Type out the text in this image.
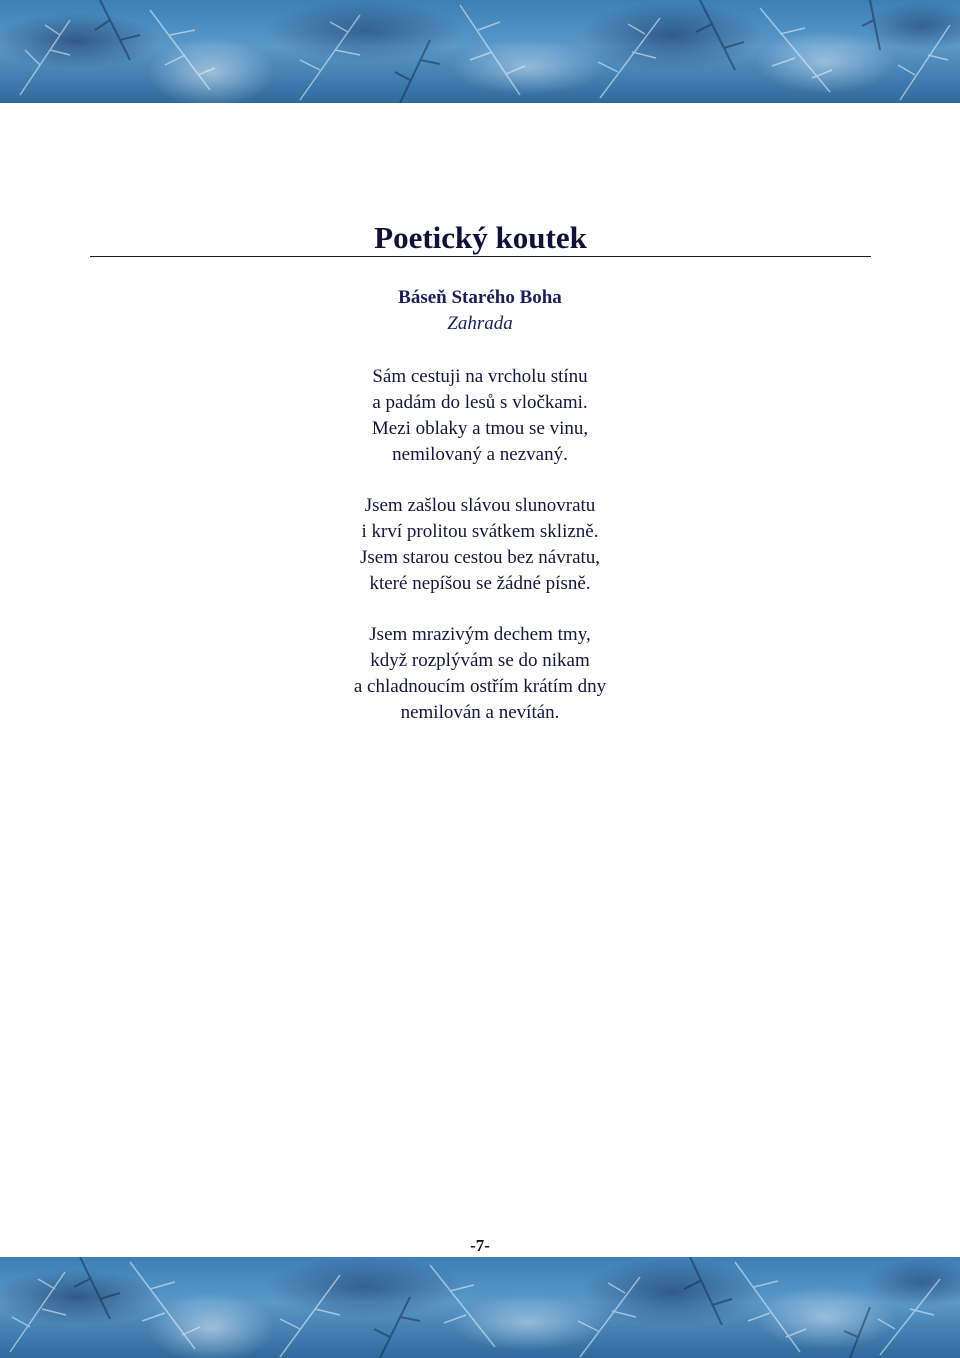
Poetický koutek
Báseň Starého Boha
Zahrada
Sám cestuji na vrcholu stínu
a padám do lesů s vločkami.
Mezi oblaky a tmou se vinu,
nemilovaný a nezvaný.
Jsem zašlou slávou slunovratu
i krví prolitou svátkem sklizně.
Jsem starou cestou bez návratu,
které nepíšou se žádné písně.
Jsem mrazivým dechem tmy,
když rozplývám se do nikam
a chladnoucím ostřím krátím dny
nemilován a nevítán.
-7-
